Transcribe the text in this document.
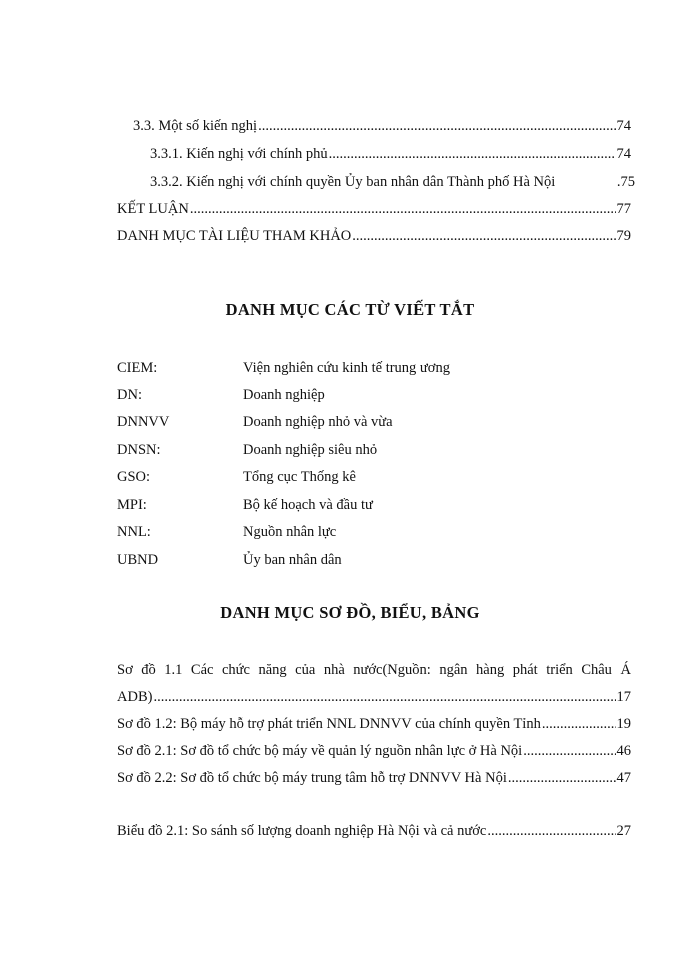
3.3. Một số kiến nghị .....	74
3.3.1. Kiến nghị với chính phủ .....	74
3.3.2. Kiến nghị với chính quyền Ủy ban nhân dân Thành phố Hà Nội	.75
KẾT LUẬN .....	77
DANH MỤC TÀI LIỆU THAM KHẢO .....	79
DANH MỤC CÁC TỪ VIẾT TẮT
CIEM:	Viện nghiên cứu kinh tế trung ương
DN:	Doanh nghiệp
DNNVV	Doanh nghiệp nhỏ và vừa
DNSN:	Doanh nghiệp siêu nhỏ
GSO:	Tổng cục Thống kê
MPI:	Bộ kế hoạch và đầu tư
NNL:	Nguồn nhân lực
UBND	Ủy ban nhân dân
DANH MỤC SƠ ĐỒ, BIỂU, BẢNG
Sơ đồ 1.1 Các chức năng của nhà nước(Nguồn: ngân hàng phát triển Châu Á
ADB) .....	17
Sơ đồ 1.2: Bộ máy hỗ trợ phát triển NNL DNNVV của chính quyền Tỉnh .....	19
Sơ đồ 2.1: Sơ đồ tổ chức bộ máy về quản lý nguồn nhân lực ở Hà Nội .....	46
Sơ đồ 2.2: Sơ đồ tổ chức bộ máy trung tâm hỗ trợ DNNVV Hà Nội .....	47
Biểu đồ 2.1: So sánh số lượng doanh nghiệp Hà Nội và cả nước .....	27
